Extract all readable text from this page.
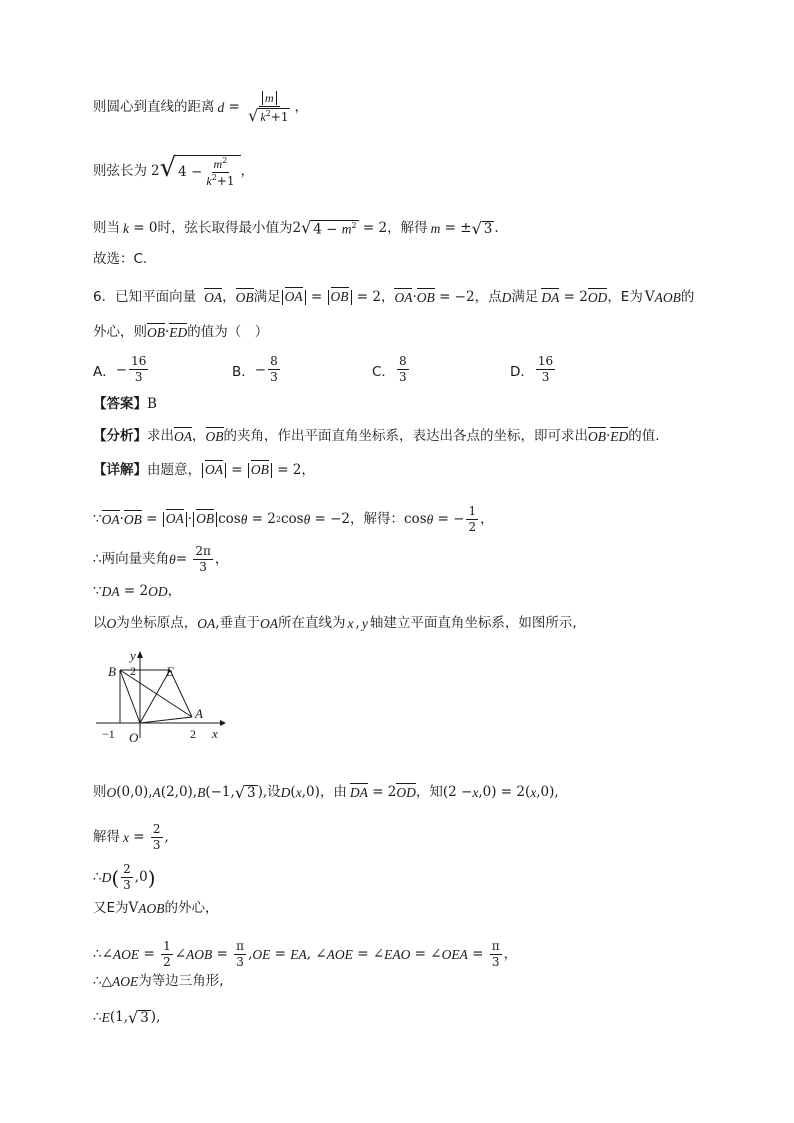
则圆心到直线的距离 $d = \frac{m}{√ k^2+1}$ ，
则弦长为 2 √ $4 - \frac{m^2}{k^2+1}$ ，
则当 k = 0 时，弦长取得最小值为 2 √ $4 - m^2 = 2$ ，解得 m = ± √ 3 .
故选：C.
6．已知平面向量 OA ， OB 满足 OA = OB = 2， OA · OB = −2 ，点 D 满足 DA = 2 OD ，E为 V AOB 的
外心，则 OB · ED 的值为（　）
A． − $\frac{16}{3}$	B． − $\frac{8}{3}$	C． $\frac{8}{3}$	D． $\frac{16}{3}$
【答案】 B
【分析】 求出 OA ， OB 的夹角，作出平面直角坐标系，表达出各点的坐标，即可求出 OB · ED 的值.
【详解】 由题意， OA = OB = 2，
∵ OA · OB = OA · OB cos θ = 2 2 cos θ = −2 ，解得： cos θ = − $\frac{1}{2}$ ，
∴两向量夹角 $\theta = \frac{2\pi}{3}$ ，
∵ DA = 2 OD ，
以 O 为坐标原点， OA , 垂直于 OA 所在直线为 x , y 轴建立平面直角坐标系，如图所示,
y
B 2 E
A
−1 O	2 x
则 O (0,0), A (2,0), B (−1, √ 3 ), 设 D ( x ,0) ，由 DA = 2 OD ，知 (2 − x ,0) = 2( x ,0),
解得 $x = \frac{2}{3}$ ,
∴ D ( $\frac{2}{3} ,0$ )
又E为 V AOB 的外心，
∴∠ AOE = $\frac{1}{2}$ ∠ AOB = $\frac{\pi}{3}$ , OE = EA , ∠ AOE = ∠ EAO = ∠ OEA = $\frac{\pi}{3}$ ，
∴△ AOE 为等边三角形,
∴ E (1, √ 3 ),
